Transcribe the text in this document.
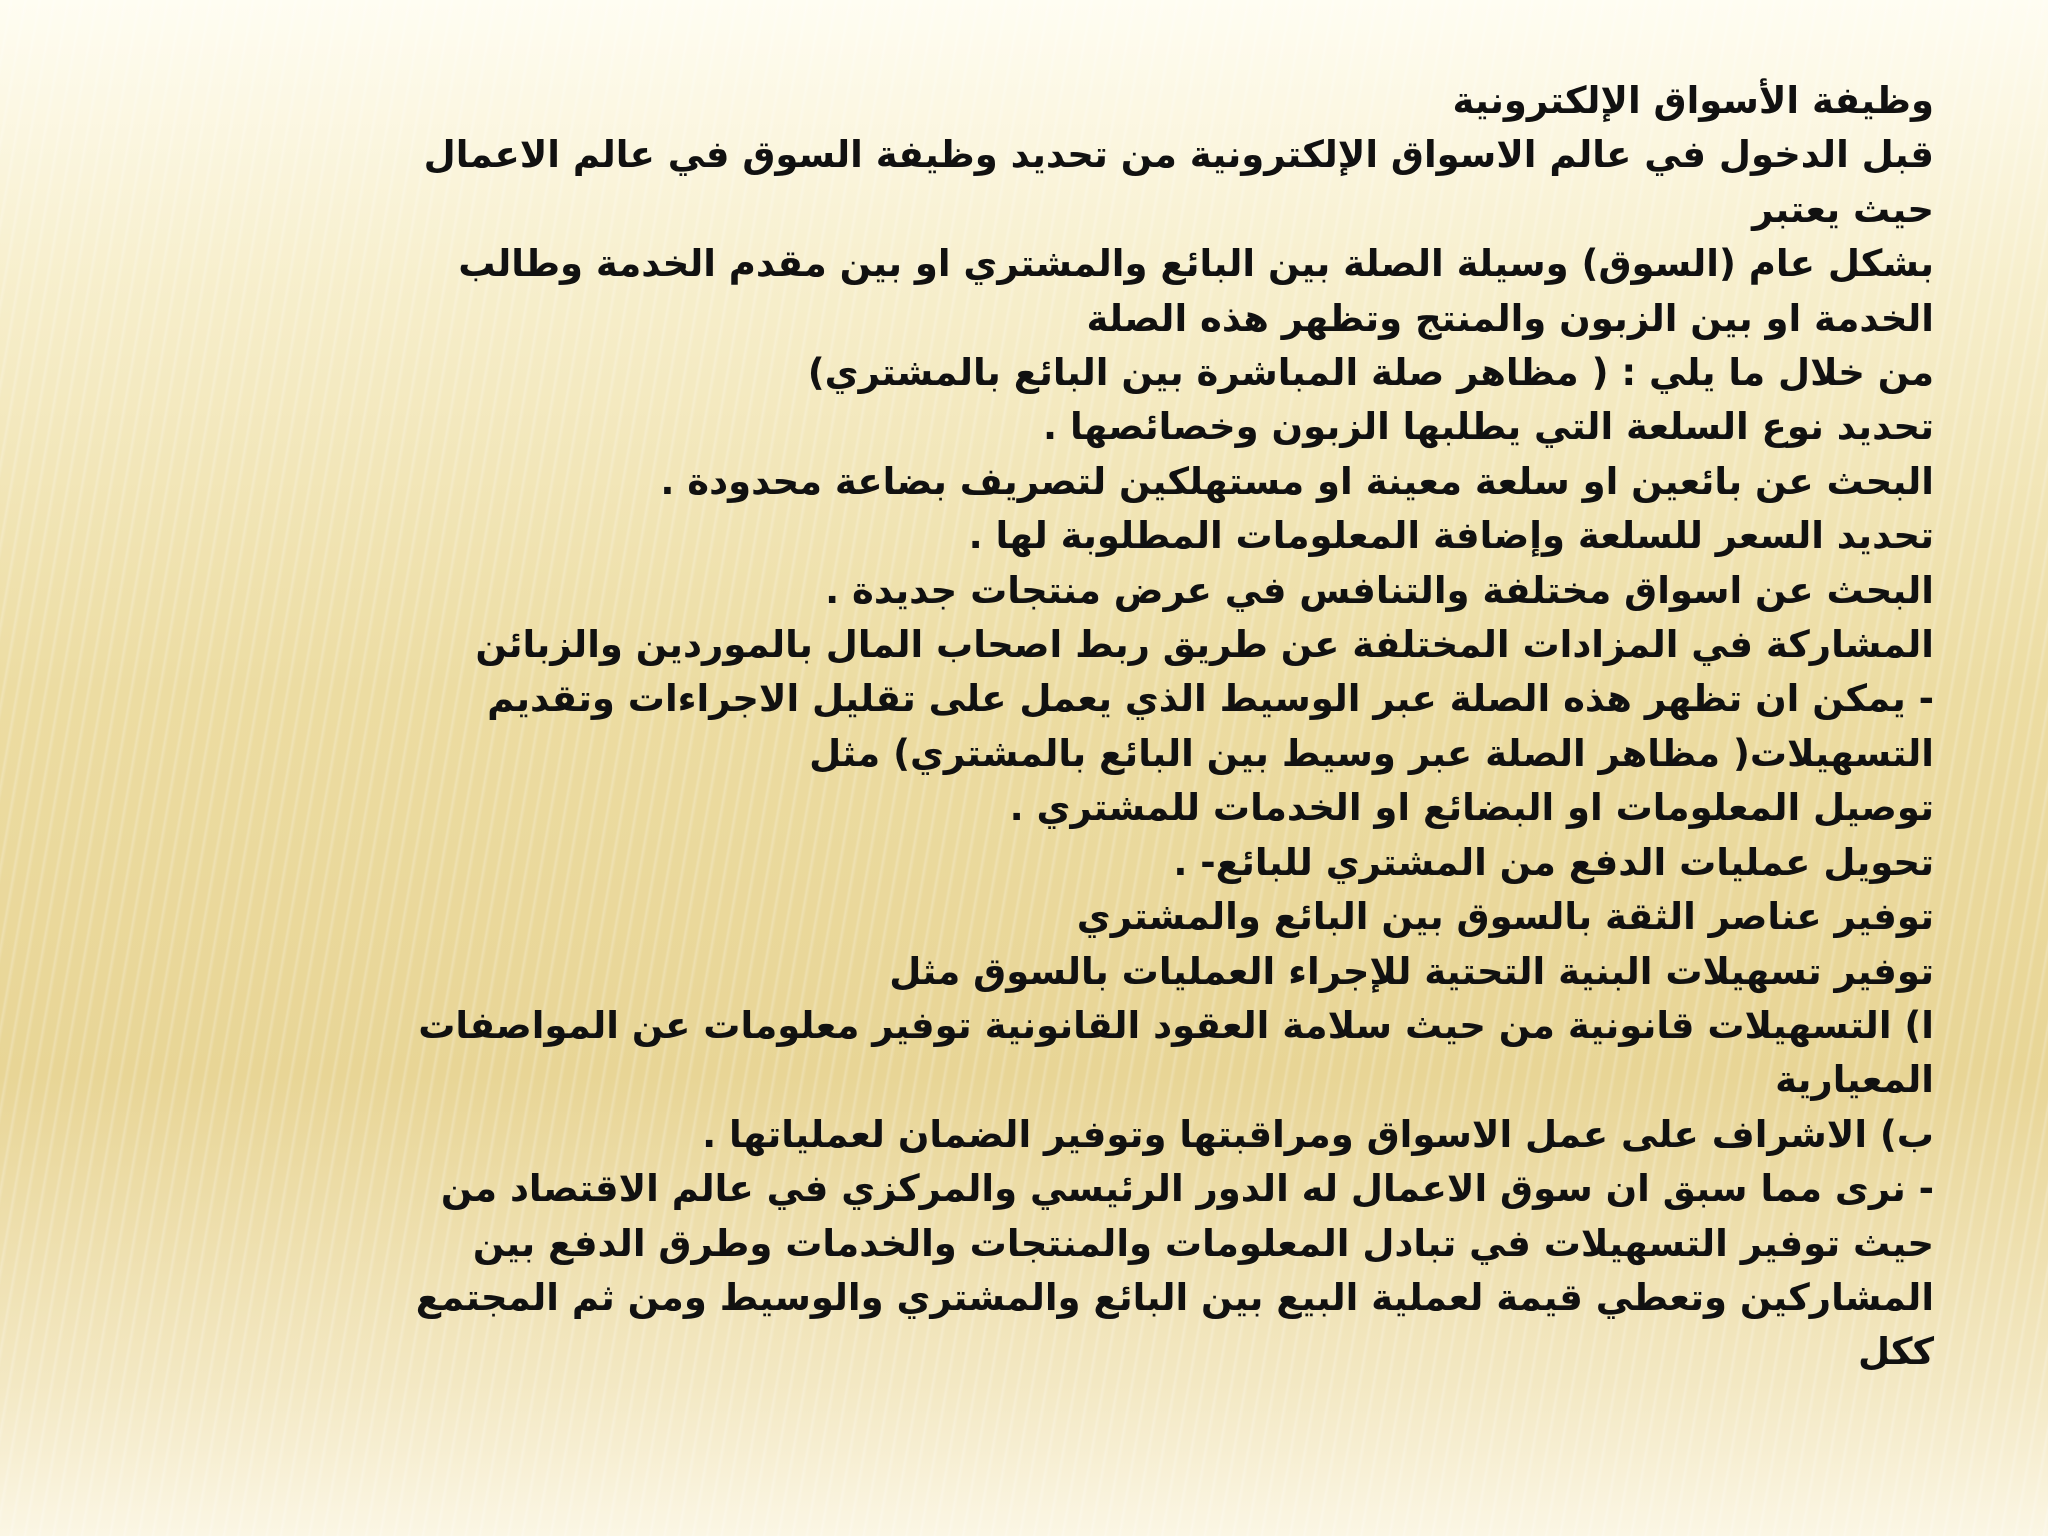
وظيفة الأسواق الإلكترونية
قبل الدخول في عالم الاسواق الإلكترونية من تحديد وظيفة السوق في عالم الاعمال
حيث يعتبر
بشكل عام (السوق) وسيلة الصلة بين البائع والمشتري او بين مقدم الخدمة وطالب
الخدمة او بين الزبون والمنتج وتظهر هذه الصلة
من خلال ما يلي : ( مظاهر صلة المباشرة بين البائع بالمشتري)
تحديد نوع السلعة التي يطلبها الزبون وخصائصها .
البحث عن بائعين او سلعة معينة او مستهلكين لتصريف بضاعة محدودة .
تحديد السعر للسلعة وإضافة المعلومات المطلوبة لها .
البحث عن اسواق مختلفة والتنافس في عرض منتجات جديدة .
المشاركة في المزادات المختلفة عن طريق ربط اصحاب المال بالموردين والزبائن
- يمكن ان تظهر هذه الصلة عبر الوسيط الذي يعمل على تقليل الاجراءات وتقديم
التسهيلات( مظاهر الصلة عبر وسيط بين البائع بالمشتري) مثل
توصيل المعلومات او البضائع او الخدمات للمشتري .
تحويل عمليات الدفع من المشتري للبائع- .
توفير عناصر الثقة بالسوق بين البائع والمشتري
توفير تسهيلات البنية التحتية للإجراء العمليات بالسوق مثل
ا) التسهيلات قانونية من حيث سلامة العقود القانونية توفير معلومات عن المواصفات
المعيارية
ب) الاشراف على عمل الاسواق ومراقبتها وتوفير الضمان لعملياتها .
- نرى مما سبق ان سوق الاعمال له الدور الرئيسي والمركزي في عالم الاقتصاد من
حيث توفير التسهيلات في تبادل المعلومات والمنتجات والخدمات وطرق الدفع بين
المشاركين وتعطي قيمة لعملية البيع بين البائع والمشتري والوسيط ومن ثم المجتمع
ككل
